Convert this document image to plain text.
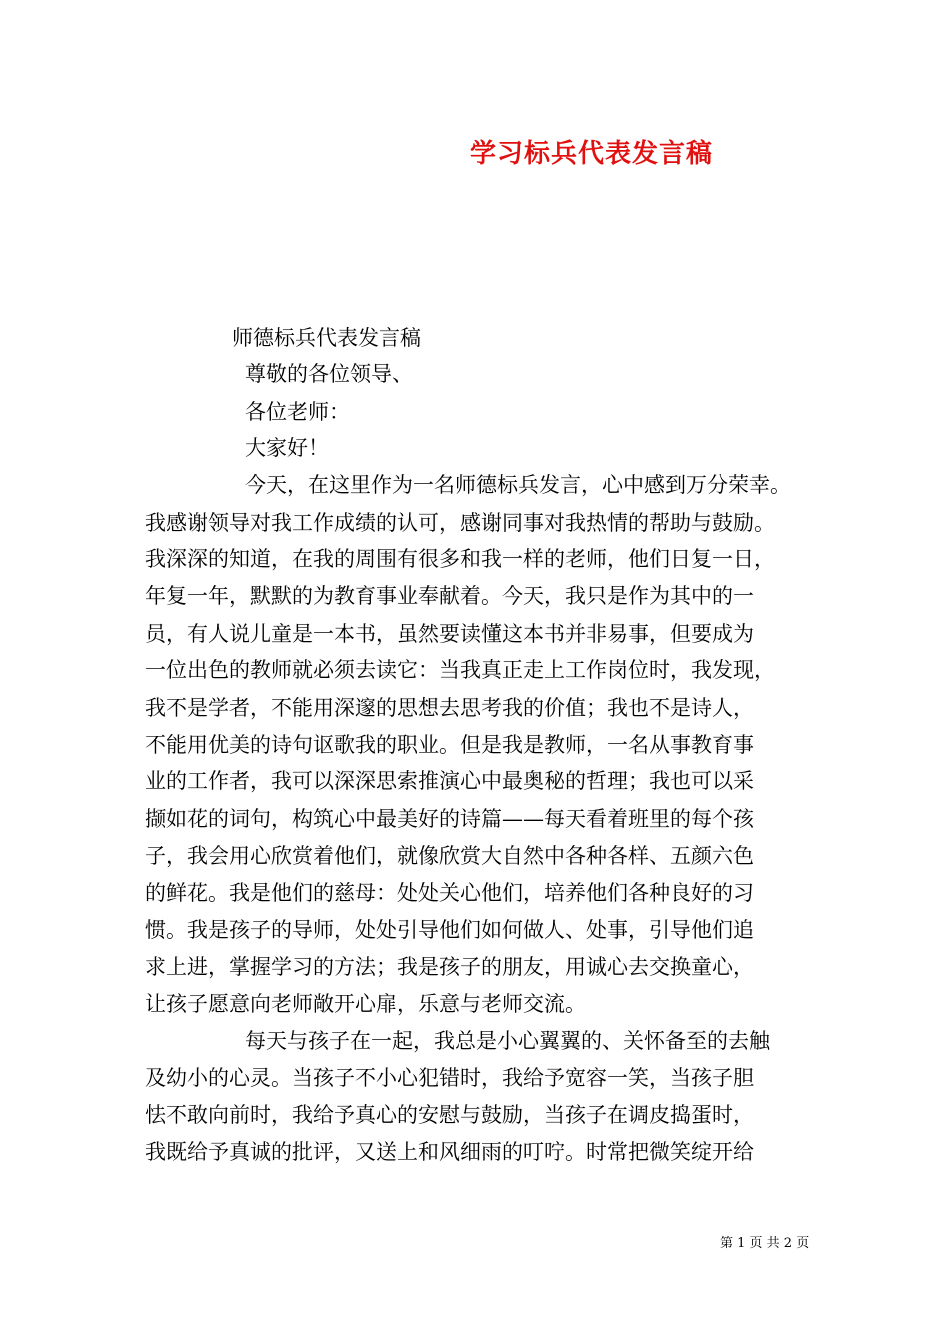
学习标兵代表发言稿
师德标兵代表发言稿
尊敬的各位领导、
各位老师：
大家好！
今天，在这里作为一名师德标兵发言，心中感到万分荣幸。
我感谢领导对我工作成绩的认可，感谢同事对我热情的帮助与鼓励。
我深深的知道，在我的周围有很多和我一样的老师，他们日复一日，
年复一年，默默的为教育事业奉献着。今天，我只是作为其中的一
员，有人说儿童是一本书，虽然要读懂这本书并非易事，但要成为
一位出色的教师就必须去读它：当我真正走上工作岗位时，我发现，
我不是学者，不能用深邃的思想去思考我的价值；我也不是诗人，
不能用优美的诗句讴歌我的职业。但是我是教师，一名从事教育事
业的工作者，我可以深深思索推演心中最奥秘的哲理；我也可以采
撷如花的词句，构筑心中最美好的诗篇——每天看着班里的每个孩
子，我会用心欣赏着他们，就像欣赏大自然中各种各样、五颜六色
的鲜花。我是他们的慈母：处处关心他们，培养他们各种良好的习
惯。我是孩子的导师，处处引导他们如何做人、处事，引导他们追
求上进，掌握学习的方法；我是孩子的朋友，用诚心去交换童心，
让孩子愿意向老师敞开心扉，乐意与老师交流。
每天与孩子在一起，我总是小心翼翼的、关怀备至的去触
及幼小的心灵。当孩子不小心犯错时，我给予宽容一笑，当孩子胆
怯不敢向前时，我给予真心的安慰与鼓励，当孩子在调皮捣蛋时，
我既给予真诚的批评，又送上和风细雨的叮咛。时常把微笑绽开给
第 1 页 共 2 页
